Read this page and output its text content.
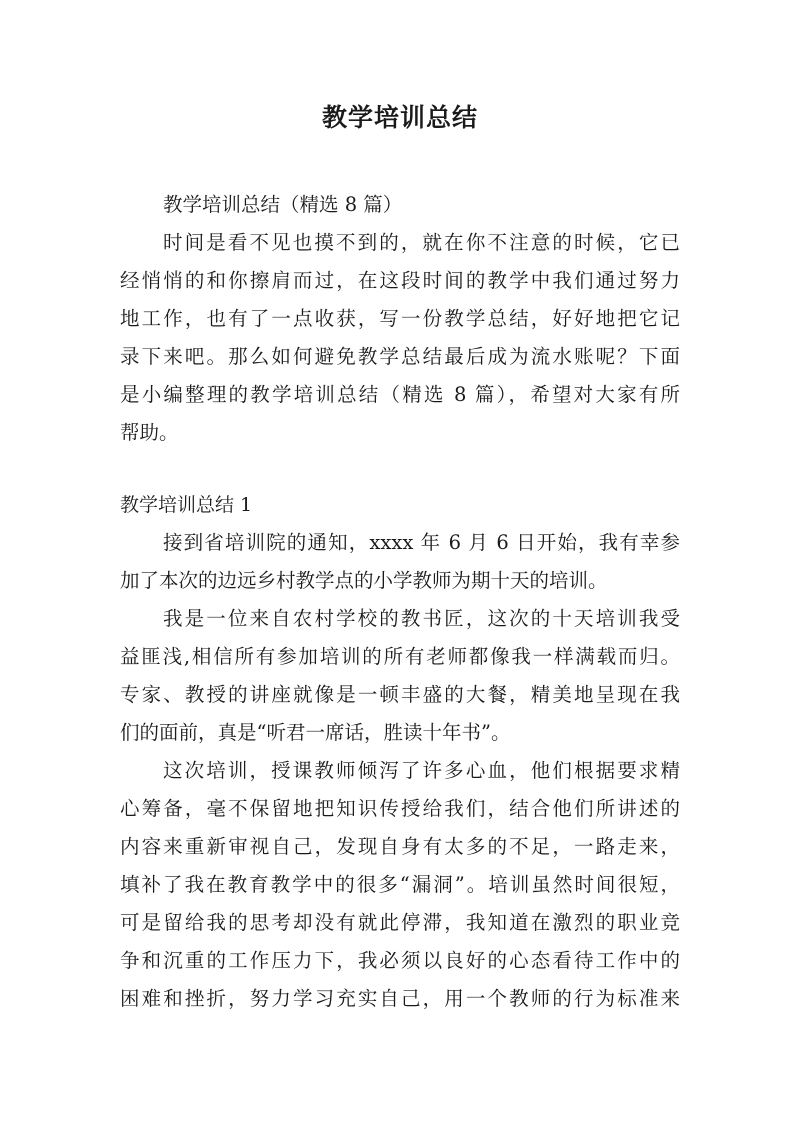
教学培训总结
教学培训总结（精选 8 篇）
时间是看不见也摸不到的，就在你不注意的时候，它已
经悄悄的和你擦肩而过，在这段时间的教学中我们通过努力
地工作，也有了一点收获，写一份教学总结，好好地把它记
录下来吧。那么如何避免教学总结最后成为流水账呢？下面
是小编整理的教学培训总结（精选 8 篇），希望对大家有所
帮助。
教学培训总结 1
接到省培训院的通知，xxxx 年 6 月 6 日开始，我有幸参
加了本次的边远乡村教学点的小学教师为期十天的培训。
我是一位来自农村学校的教书匠，这次的十天培训我受
益匪浅,相信所有参加培训的所有老师都像我一样满载而归。
专家、教授的讲座就像是一顿丰盛的大餐，精美地呈现在我
们的面前，真是“听君一席话，胜读十年书”。
这次培训，授课教师倾泻了许多心血，他们根据要求精
心筹备，毫不保留地把知识传授给我们，结合他们所讲述的
内容来重新审视自己，发现自身有太多的不足，一路走来，
填补了我在教育教学中的很多“漏洞”。培训虽然时间很短，
可是留给我的思考却没有就此停滞，我知道在激烈的职业竞
争和沉重的工作压力下，我必须以良好的心态看待工作中的
困难和挫折，努力学习充实自己，用一个教师的行为标准来
